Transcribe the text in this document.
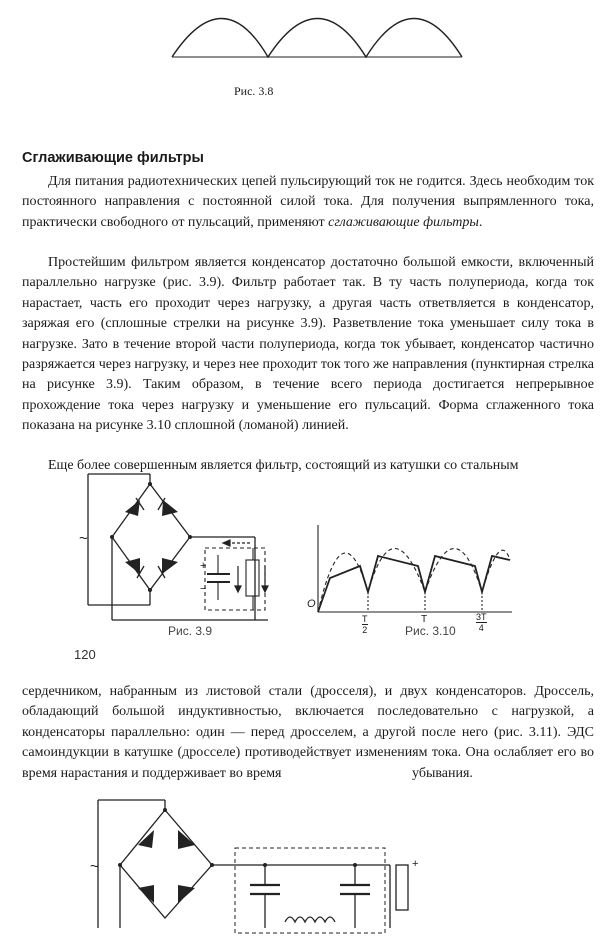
Рис. 3.8
Сглаживающие фильтры

Для питания радиотехнических цепей пульсирующий ток не годится. Здесь необходим ток постоянного направления с постоянной силой тока. Для получения выпрямленного тока, практически свободного от пульсаций, применяют сглаживающие фильтры.

Простейшим фильтром является конденсатор достаточно большой емкости, включенный параллельно нагрузке (рис. 3.9). Фильтр работает так. В ту часть полупериода, когда ток нарастает, часть его проходит через нагрузку, а другая часть ответвляется в конденсатор, заряжая его (сплошные стрелки на рисунке 3.9). Разветвление тока уменьшает силу тока в нагрузке. Зато в течение второй части полупериода, когда ток убывает, конденсатор частично разряжается через нагрузку, и через нее проходит ток того же направления (пунктирная стрелка на рисунке 3.9). Таким образом, в течение всего периода достигается непрерывное прохождение тока через нагрузку и уменьшение его пульсаций. Форма сглаженного тока показана на рисунке 3.10 сплошной (ломаной) линией.

Еще более совершенным является фильтр, состоящий из катушки со стальным

~
+
−
Рис. 3.9
O
$\frac{T}{2}$	T	$\frac{3T}{4}$
Рис. 3.10
120

сердечником, набранным из листовой стали (дросселя), и двух конденсаторов. Дроссель, обладающий большой индуктивностью, включается последовательно с нагрузкой, а конденсаторы параллельно: один — перед дросселем, а другой после него (рис. 3.11). ЭДС самоиндукции в катушке (дросселе) противодействует изменениям тока. Она ослабляет его во время нарастания и поддерживает во время	убывания.
~	+
